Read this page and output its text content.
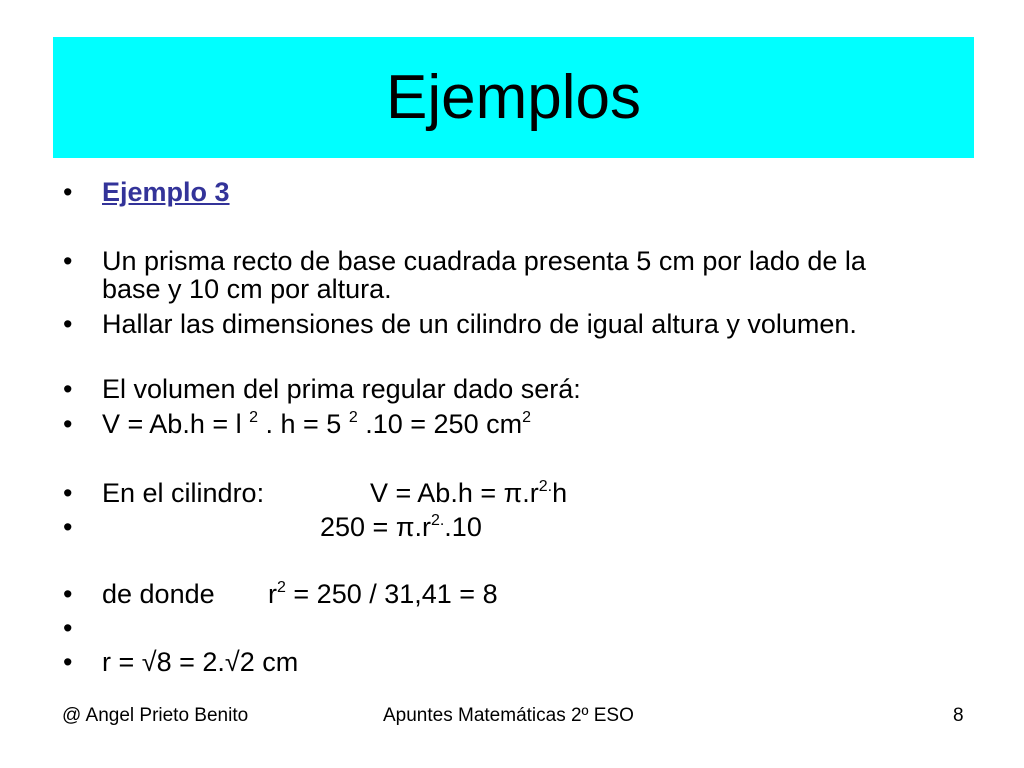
Ejemplos
• Ejemplo 3
• Un prisma recto de base cuadrada presenta 5 cm por lado de la
base y 10 cm por altura.
• Hallar las dimensiones de un cilindro de igual altura y volumen.
• El volumen del prima regular dado será:
• V = Ab.h = l $^2$ . h = 5 $^2$ .10 = 250 $cm^2$
• En el cilindro:	$V = Ab.h = \pi.r^{2.}h$
•	$250 = \pi.r^{2.}.10$
• de donde $r^2 = 250 / 31,41 = 8$
•
• r = √8 = 2.√2 cm
@ Angel Prieto Benito	Apuntes Matemáticas 2º ESO	8
